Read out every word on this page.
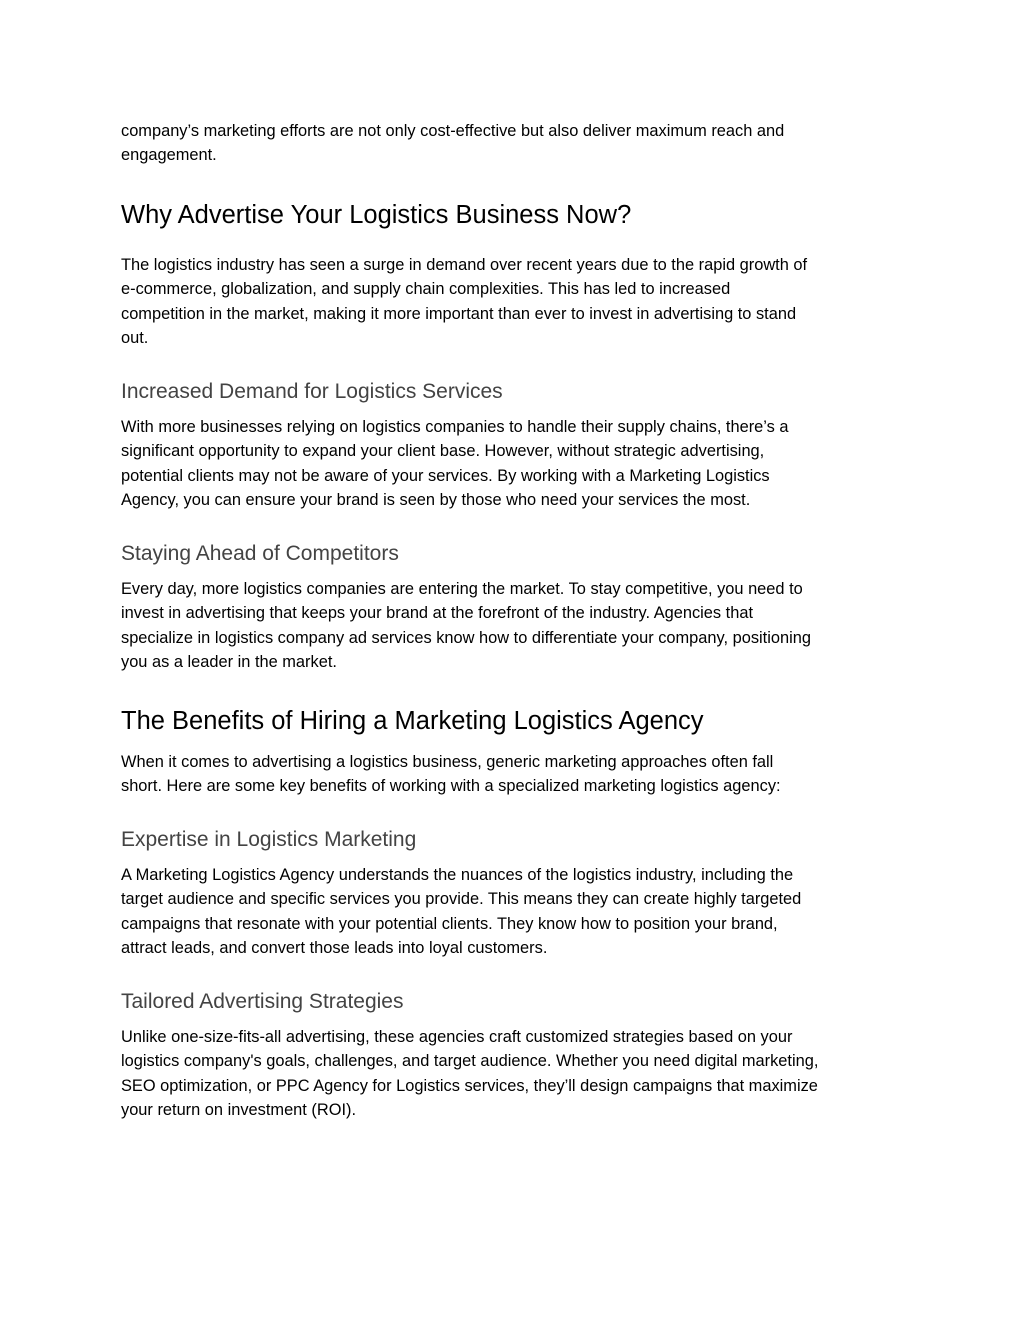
company’s marketing efforts are not only cost-effective but also deliver maximum reach and
engagement.

Why Advertise Your Logistics Business Now?

The logistics industry has seen a surge in demand over recent years due to the rapid growth of
e-commerce, globalization, and supply chain complexities. This has led to increased
competition in the market, making it more important than ever to invest in advertising to stand
out.

Increased Demand for Logistics Services

With more businesses relying on logistics companies to handle their supply chains, there’s a
significant opportunity to expand your client base. However, without strategic advertising,
potential clients may not be aware of your services. By working with a Marketing Logistics
Agency, you can ensure your brand is seen by those who need your services the most.

Staying Ahead of Competitors

Every day, more logistics companies are entering the market. To stay competitive, you need to
invest in advertising that keeps your brand at the forefront of the industry. Agencies that
specialize in logistics company ad services know how to differentiate your company, positioning
you as a leader in the market.

The Benefits of Hiring a Marketing Logistics Agency

When it comes to advertising a logistics business, generic marketing approaches often fall
short. Here are some key benefits of working with a specialized marketing logistics agency:

Expertise in Logistics Marketing

A Marketing Logistics Agency understands the nuances of the logistics industry, including the
target audience and specific services you provide. This means they can create highly targeted
campaigns that resonate with your potential clients. They know how to position your brand,
attract leads, and convert those leads into loyal customers.

Tailored Advertising Strategies

Unlike one-size-fits-all advertising, these agencies craft customized strategies based on your
logistics company's goals, challenges, and target audience. Whether you need digital marketing,
SEO optimization, or PPC Agency for Logistics services, they’ll design campaigns that maximize
your return on investment (ROI).
